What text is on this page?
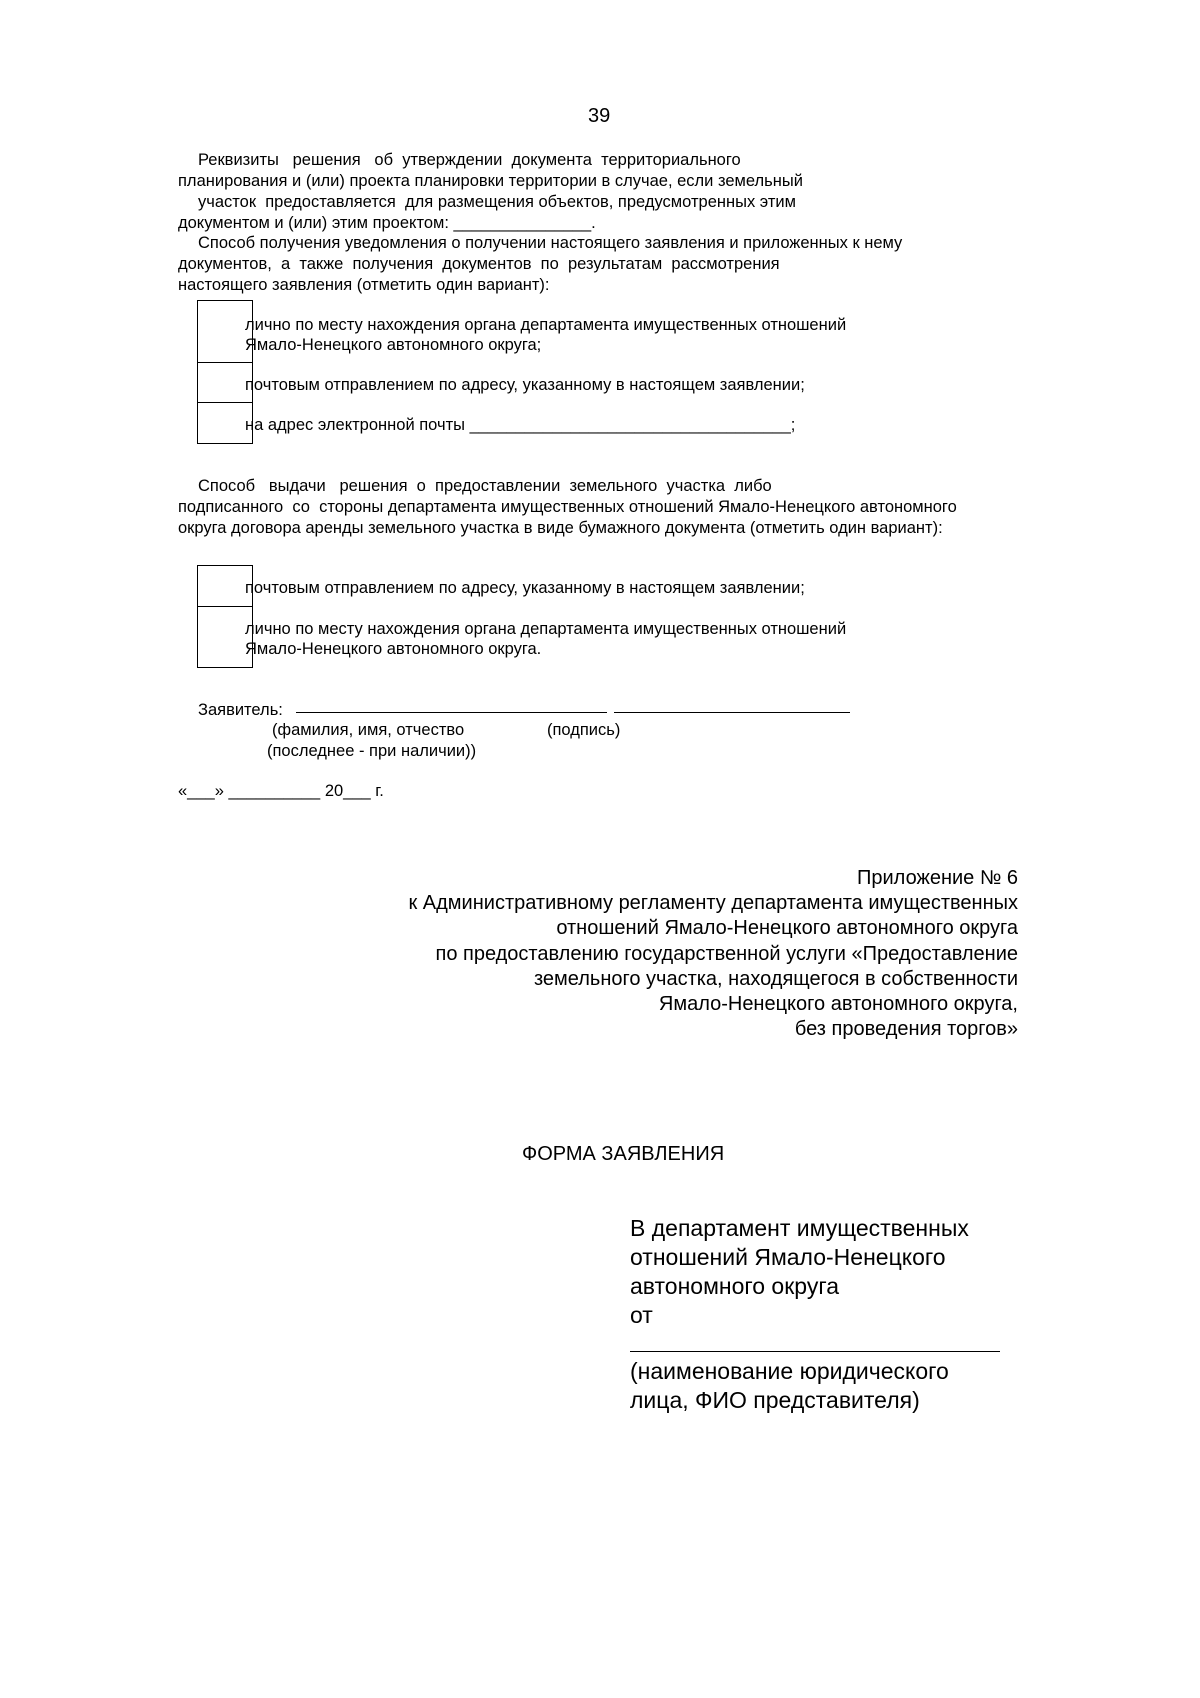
39
Реквизиты   решения   об  утверждении  документа  территориального
планирования и (или) проекта планировки территории в случае, если земельный
участок  предоставляется  для размещения объектов, предусмотренных этим
документом и (или) этим проектом: _______________.
Способ получения уведомления о получении настоящего заявления и приложенных к нему
документов,  а  также  получения  документов  по  результатам  рассмотрения
настоящего заявления (отметить один вариант):
лично по месту нахождения органа департамента имущественных отношений
Ямало-Ненецкого автономного округа;
почтовым отправлением по адресу, указанному в настоящем заявлении;
на адрес электронной почты ___________________________________;
Способ   выдачи   решения  о  предоставлении  земельного  участка  либо
подписанного  со  стороны департамента имущественных отношений Ямало-Ненецкого автономного
округа договора аренды земельного участка в виде бумажного документа (отметить один вариант):
почтовым отправлением по адресу, указанному в настоящем заявлении;
лично по месту нахождения органа департамента имущественных отношений
Ямало-Ненецкого автономного округа.
Заявитель:
(фамилия, имя, отчество	(подпись)
(последнее - при наличии))
«___» __________ 20___ г.
Приложение № 6
к Административному регламенту департамента имущественных
отношений Ямало-Ненецкого автономного округа
по предоставлению государственной услуги «Предоставление
земельного участка, находящегося в собственности
Ямало-Ненецкого автономного округа,
без проведения торгов»
ФОРМА ЗАЯВЛЕНИЯ
В департамент имущественных
отношений Ямало-Ненецкого
автономного округа
от
(наименование юридического
лица, ФИО представителя)
